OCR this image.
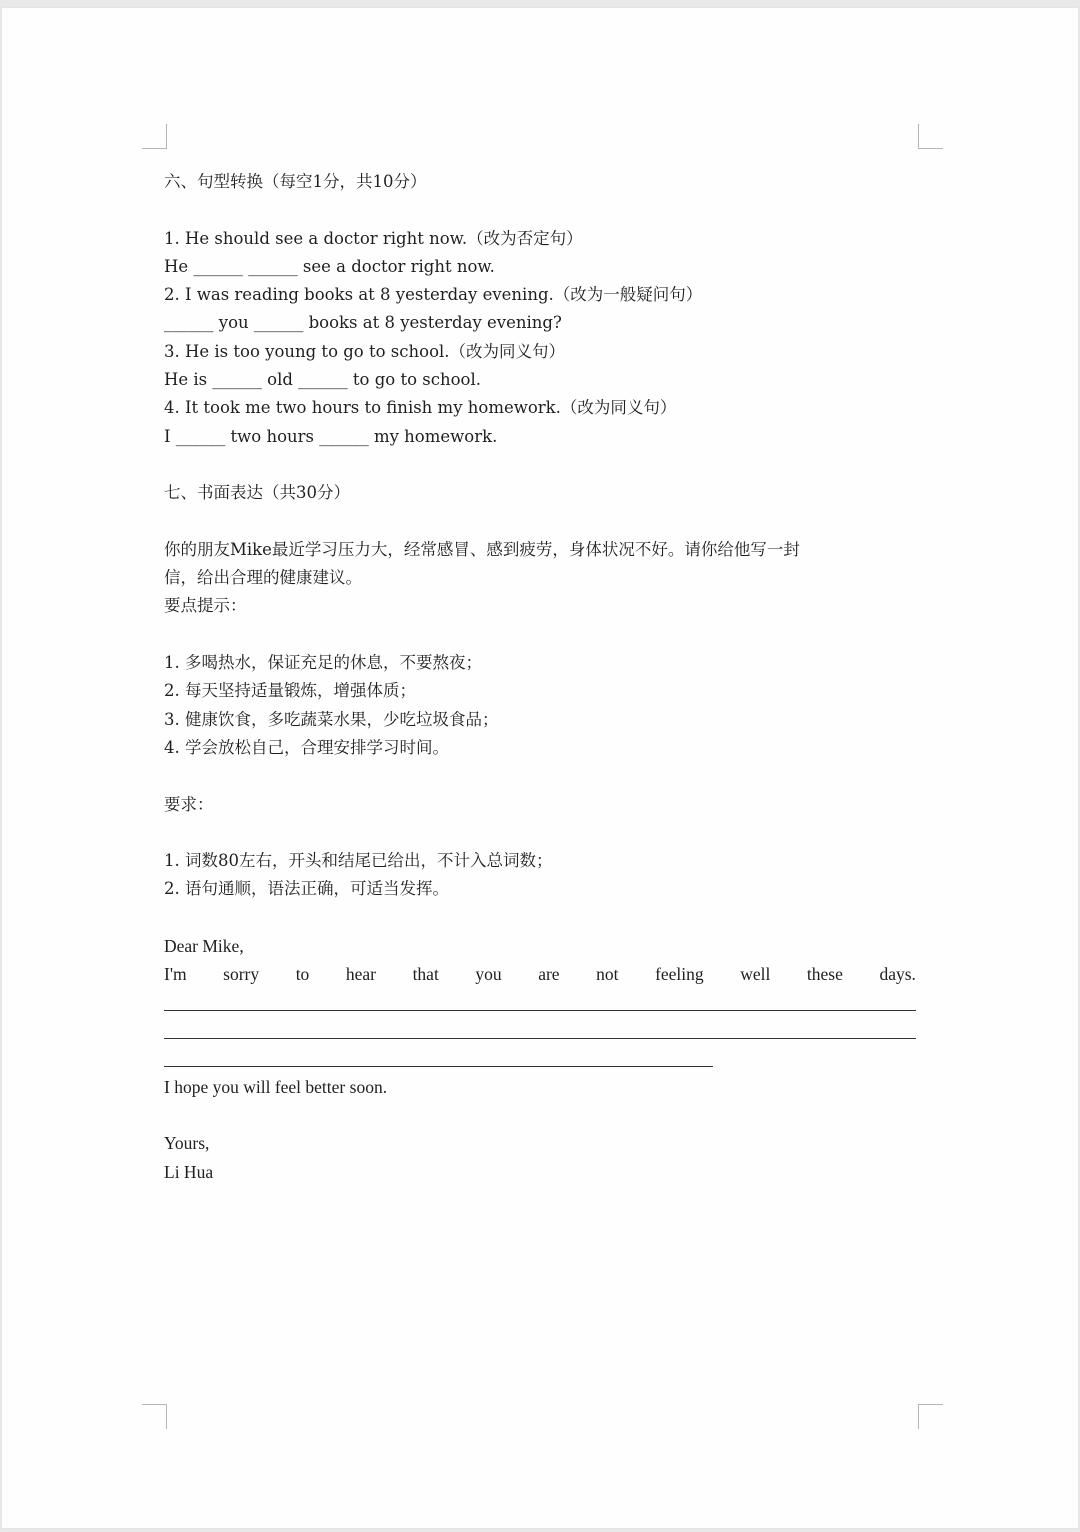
六、句型转换（每空1分，共10分）
1. He should see a doctor right now.（改为否定句）
He ______ ______ see a doctor right now.
2. I was reading books at 8 yesterday evening.（改为一般疑问句）
______ you ______ books at 8 yesterday evening?
3. He is too young to go to school.（改为同义句）
He is ______ old ______ to go to school.
4. It took me two hours to finish my homework.（改为同义句）
I ______ two hours ______ my homework.
七、书面表达（共30分）
你的朋友Mike最近学习压力大，经常感冒、感到疲劳，身体状况不好。请你给他写一封
信，给出合理的健康建议。
要点提示：
1. 多喝热水，保证充足的休息，不要熬夜；
2. 每天坚持适量锻炼，增强体质；
3. 健康饮食，多吃蔬菜水果，少吃垃圾食品；
4. 学会放松自己，合理安排学习时间。
要求：
1. 词数80左右，开头和结尾已给出，不计入总词数；
2. 语句通顺，语法正确，可适当发挥。
Dear Mike,
I'm sorry to hear that you are not feeling well these days.
I hope you will feel better soon.
Yours,
Li Hua
